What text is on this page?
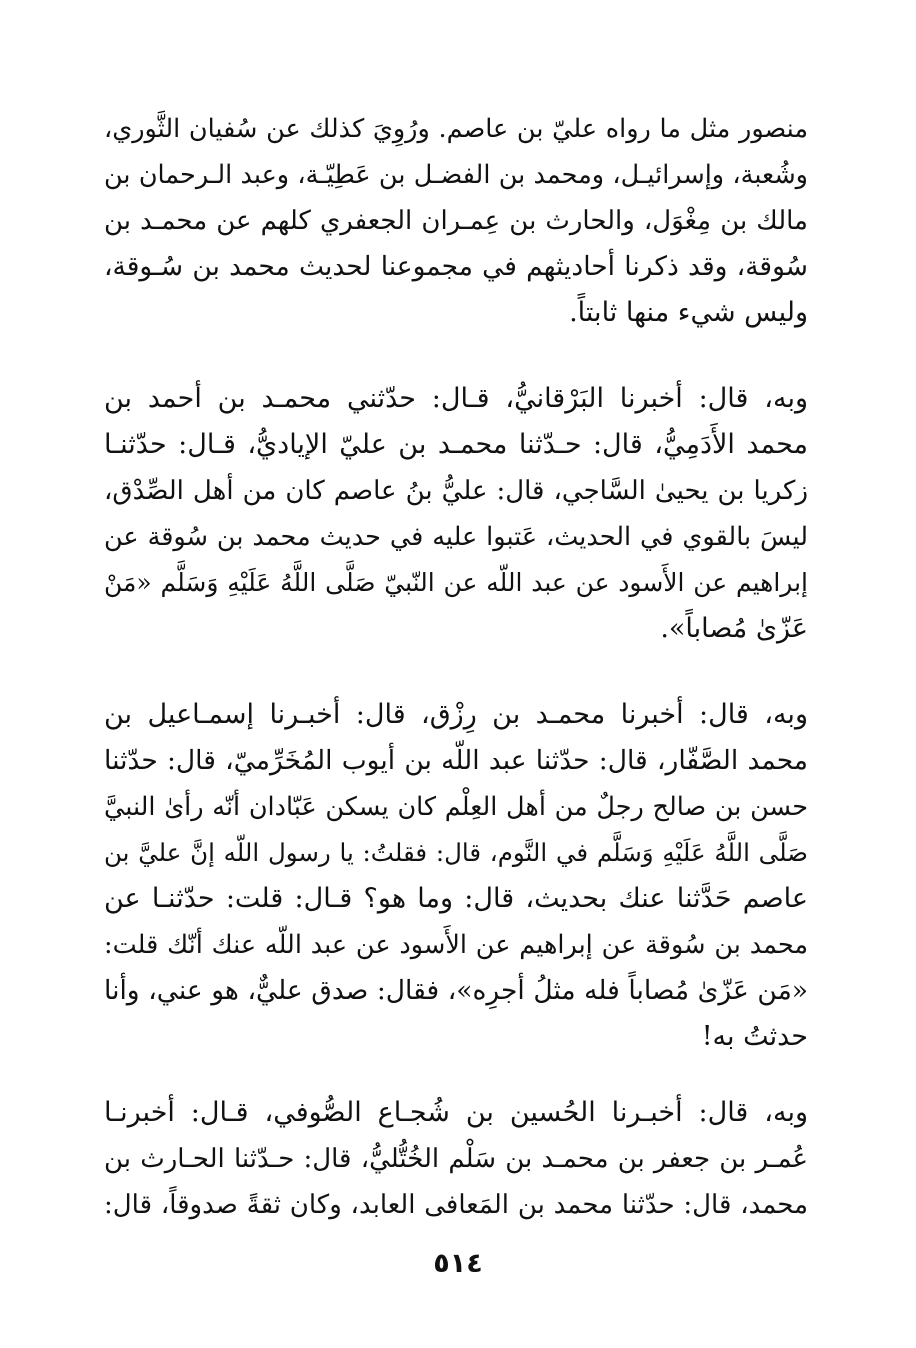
منصور مثل ما رواه عليّ بن عاصم. ورُوِيَ كذلك عن سُفيان الثَّوري،
وشُعبة، وإسرائيـل، ومحمد بن الفضـل بن عَطِيّـة، وعبد الـرحمان بن
مالك بن مِغْوَل، والحارث بن عِمـران الجعفري كلهم عن محمـد بن
سُوقة، وقد ذكرنا أحاديثهم في مجموعنا لحديث محمد بن سُـوقة،
وليس شيء منها ثابتاً.
وبه، قال: أخبرنا البَرْقانيُّ، قـال: حدّثني محمـد بن أحمد بن
محمد الأَدَمِيُّ، قال: حـدّثنا محمـد بن عليّ الإياديُّ، قـال: حدّثنـا
زكريا بن يحيىٰ السَّاجي، قال: عليُّ بنُ عاصم كان من أهل الصِّدْق،
ليسَ بالقوي في الحديث، عَتبوا عليه في حديث محمد بن سُوقة عن
إبراهيم عن الأَسود عن عبد اللّه عن النّبيّ صَلَّى اللَّهُ عَلَيْهِ وَسَلَّم «مَنْ
عَزّىٰ مُصاباً».
وبه، قال: أخبرنا محمـد بن رِزْق، قال: أخبـرنا إسمـاعيل بن
محمد الصَّفّار، قال: حدّثنا عبد اللّه بن أيوب المُخَرِّميّ، قال: حدّثنا
حسن بن صالح رجلٌ من أهل العِلْم كان يسكن عَبّادان أنّه رأىٰ النبيَّ
صَلَّى اللَّهُ عَلَيْهِ وَسَلَّم في النَّوم، قال: فقلتُ: يا رسول اللّه إنَّ عليَّ بن
عاصم حَدَّثنا عنك بحديث، قال: وما هو؟ قـال: قلت: حدّثنـا عن
محمد بن سُوقة عن إبراهيم عن الأَسود عن عبد اللّه عنك أنّك قلت:
«مَن عَزّىٰ مُصاباً فله مثلُ أجرِه»، فقال: صدق عليٌّ، هو عني، وأنا
حدثتُ به!
وبه، قال: أخبـرنا الحُسين بن شُجـاع الصُّوفي، قـال: أخبرنـا
عُمـر بن جعفر بن محمـد بن سَلْم الخُتُّليُّ، قال: حـدّثنا الحـارث بن
محمد، قال: حدّثنا محمد بن المَعافى العابد، وكان ثقةً صدوقاً، قال:
٥١٤
